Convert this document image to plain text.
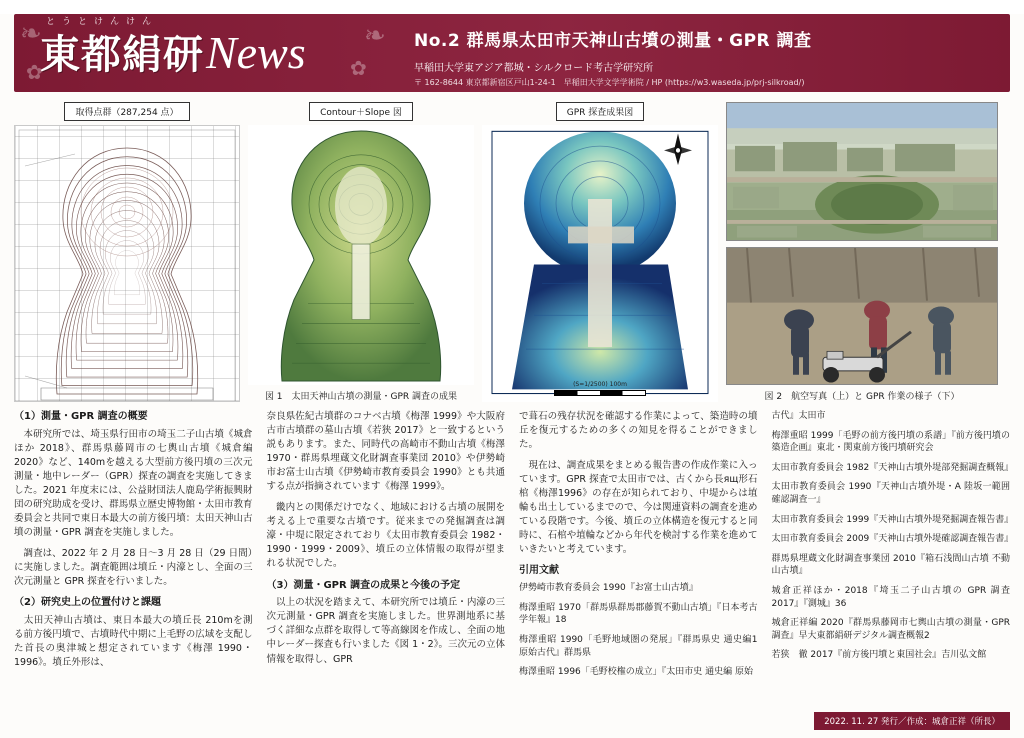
❧	❧
✿
✿
とうとけんけん
東都絹研News	No.2 群馬県太田市天神山古墳の測量・GPR 調査

早稲田大学東アジア都城・シルクロード考古学研究所

〒 162-8644 東京都新宿区戸山1-24-1　早稲田大学文学学術院 / HP (https://w3.waseda.jp/prj-silkroad/)

取得点群（287,254 点）	Contour＋Slope 図
図 1　太田天神山古墳の測量・GPR 調査の成果
GPR 探査成果図
(S=1/2500) 100m
図 2　航空写真（上）と GPR 作業の様子（下）
（1）測量・GPR 調査の概要

　本研究所では、埼玉県行田市の埼玉二子山古墳《城倉ほか 2018》、群馬県藤岡市の七輿山古墳《城倉編 2020》など、140mを越える大型前方後円墳の三次元測量・地中レーダー（GPR）探査の調査を実施してきました。2021 年度末には、公益財団法人鹿島学術振興財団の研究助成を受け、群馬県立歴史博物館・太田市教育委員会と共同で東日本最大の前方後円墳：太田天神山古墳の測量・GPR 調査を実施しました。

　調査は、2022 年 2 月 28 日〜3 月 28 日（29 日間）に実施しました。調査範囲は墳丘・内濠とし、全面の三次元測量と GPR 探査を行いました。

（2）研究史上の位置付けと課題

　太田天神山古墳は、東日本最大の墳丘長 210mを測る前方後円墳で、古墳時代中期に上毛野の広域を支配した首長の奥津城と想定されています《梅澤 1990・1996》。墳丘外形は、

奈良県佐紀古墳群のコナベ古墳《梅澤 1999》や大阪府古市古墳群の墓山古墳《若狭 2017》と一致するという説もあります。また、同時代の高崎市不動山古墳《梅澤 1970・群馬県埋蔵文化財調査事業団 2010》や伊勢崎市お富士山古墳《伊勢崎市教育委員会 1990》とも共通する点が指摘されています《梅澤 1999》。

　畿内との関係だけでなく、地域における古墳の展開を考える上で重要な古墳です。従来までの発掘調査は調濠・中堤に限定されており《太田市教育委員会 1982・1990・1999・2009》、墳丘の立体情報の取得が望まれる状況でした。

（3）測量・GPR 調査の成果と今後の予定

　以上の状況を踏まえて、本研究所では墳丘・内濠の三次元測量・GPR 調査を実施しました。世界測地系に基づく詳細な点群を取得して等高線図を作成し、全面の地中レーダー探査も行いました《図 1・2》。三次元の立体情報を取得し、GPR

で葺石の残存状況を確認する作業によって、築造時の墳丘を復元するための多くの知見を得ることができました。

　現在は、調査成果をまとめる報告書の作成作業に入っています。GPR 探査で太田市では、古くから長ящ形石棺《梅澤1996》の存在が知られており、中堤からは埴輪も出土しているまでので、今は関連資料の調査を進めている段階です。今後、墳丘の立体構造を復元すると同時に、石棺や埴輪などから年代を検討する作業を進めていきたいと考えています。

引用文献

伊勢崎市教育委員会 1990『お富士山古墳』

梅澤重昭 1970「群馬県群馬郡藤賀不動山古墳」『日本考古学年報』18

梅澤重昭 1990「毛野地域圏の発展」『群馬県史 通史編1 原始古代』群馬県

梅澤重昭 1996「毛野校権の成立」『太田市史 通史編 原始

古代』太田市

梅澤重昭 1999「毛野の前方後円墳の系譜」『前方後円墳の築造企画』東北・関東前方後円墳研究会

太田市教育委員会 1982『天神山古墳外堤部発掘調査概報』

太田市教育委員会 1990『天神山古墳外堤・A 陸坂一範囲確認調査一』

太田市教育委員会 1999『天神山古墳外堤発掘調査報告書』

太田市教育委員会 2009『天神山古墳外堤確認調査報告書』

群馬県埋蔵文化財調査事業団 2010『箱石浅間山古墳 不動山古墳』

城倉正祥ほか・2018『埼玉二子山古墳の GPR 調査 2017』『測城』36

城倉正祥編 2020『群馬県藤岡市七輿山古墳の測量・GPR 調査』早大東都絹研デジタル調査概報2

若狭　徹 2017『前方後円墳と東国社会』吉川弘文館

2022. 11. 27 発行／作成：城倉正祥（所長）
